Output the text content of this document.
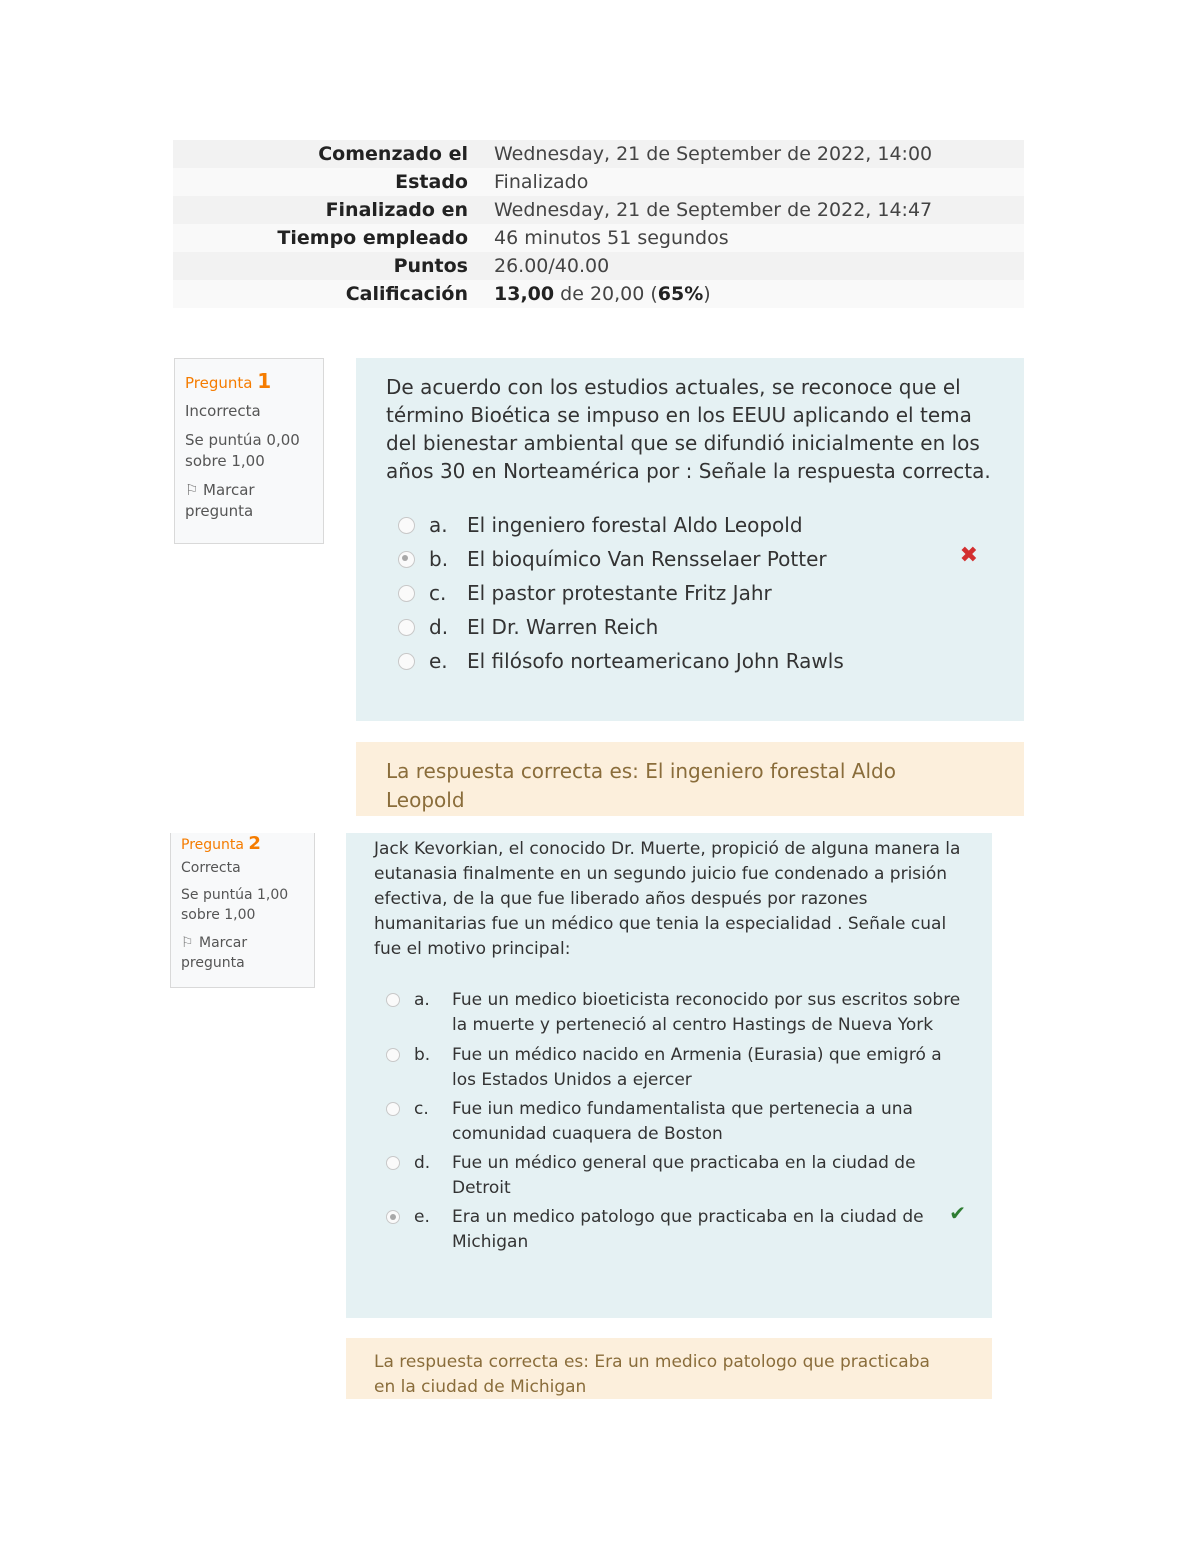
Comenzado el	Wednesday, 21 de September de 2022, 14:00
Estado	Finalizado
Finalizado en	Wednesday, 21 de September de 2022, 14:47
Tiempo empleado	46 minutos 51 segundos
Puntos	26.00/40.00
Calificación	13,00 de 20,00 (65%)
Pregunta 1
Incorrecta
Se puntúa 0,00 sobre 1,00
⚐ Marcar pregunta
De acuerdo con los estudios actuales, se reconoce que el término Bioética se impuso en los EEUU aplicando el tema del bienestar ambiental que se difundió inicialmente en los años 30 en Norteamérica por : Señale la respuesta correcta.
a. El ingeniero forestal Aldo Leopold
b. El bioquímico Van Rensselaer Potter	✖
c.	El pastor protestante Fritz Jahr
d. El Dr. Warren Reich
e. El filósofo norteamericano John Rawls
La respuesta correcta es: El ingeniero forestal Aldo Leopold
Pregunta 2
Correcta
Se puntúa 1,00 sobre 1,00
⚐ Marcar pregunta
Jack Kevorkian, el conocido Dr. Muerte, propició de alguna manera la eutanasia finalmente en un segundo juicio fue condenado a prisión efectiva, de la que fue liberado años después por razones humanitarias fue un médico que tenia la especialidad . Señale cual fue el motivo principal:
a.	Fue un medico bioeticista reconocido por sus escritos sobre la muerte y perteneció al centro Hastings de Nueva York
b.	Fue un médico nacido en Armenia (Eurasia) que emigró a los Estados Unidos a ejercer
c.	Fue iun medico fundamentalista que pertenecia a una comunidad cuaquera de Boston
d.	Fue un médico general que practicaba en la ciudad de Detroit
e.	Era un medico patologo que practicaba en la ciudad de Michigan
✔
La respuesta correcta es: Era un medico patologo que practicaba en la ciudad de Michigan
